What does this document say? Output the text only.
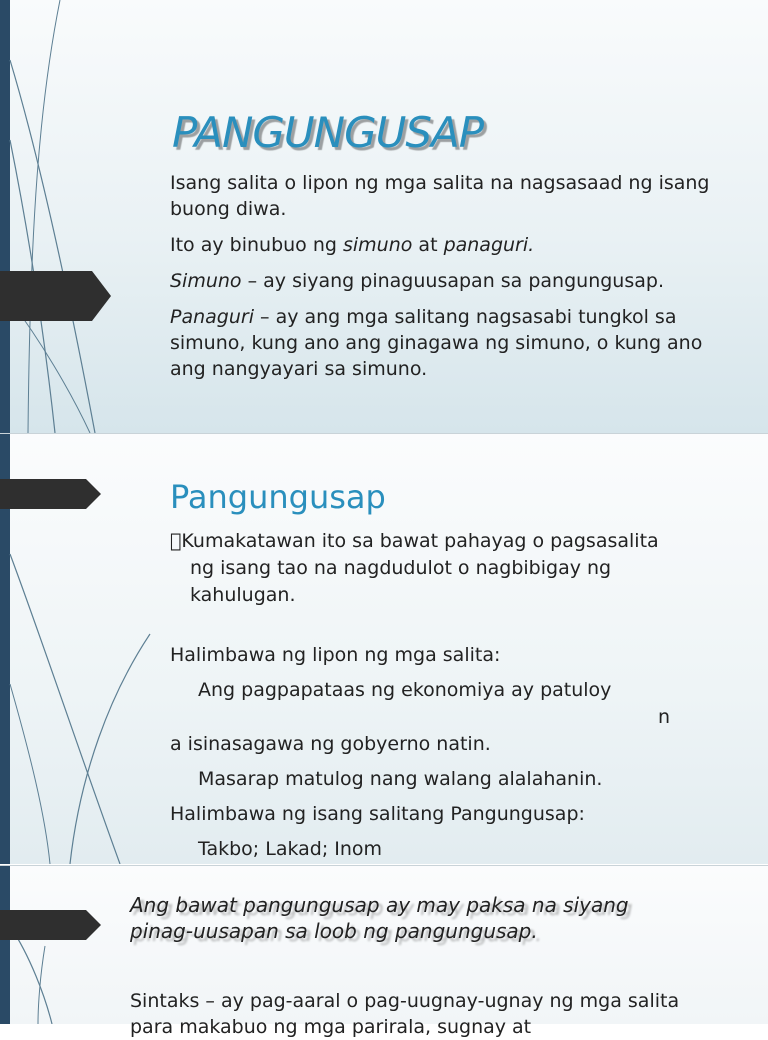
PANGUNGUSAP

Isang salita o lipon ng mga salita na nagsasaad ng isang buong diwa.

Ito ay binubuo ng simuno at panaguri.

Simuno – ay siyang pinaguusapan sa pangungusap.

Panaguri – ay ang mga salitang nagsasabi tungkol sa simuno, kung ano ang ginagawa ng simuno, o kung ano ang nangyayari sa simuno.

Pangungusap

Kumakatawan ito sa bawat pahayag o pagsasalita

ng isang tao na nagdudulot o nagbibigay ng

kahulugan.

Halimbawa ng lipon ng mga salita:

Ang pagpapataas ng ekonomiya ay patuloy

n

a isinasagawa ng gobyerno natin.

Masarap matulog nang walang alalahanin.

Halimbawa ng isang salitang Pangungusap:

Takbo; Lakad; Inom

Ang bawat pangungusap ay may paksa na siyang pinag-uusapan sa loob ng pangungusap.
Sintaks – ay pag-aaral o pag-uugnay-ugnay ng mga salita para makabuo ng mga parirala, sugnay at
